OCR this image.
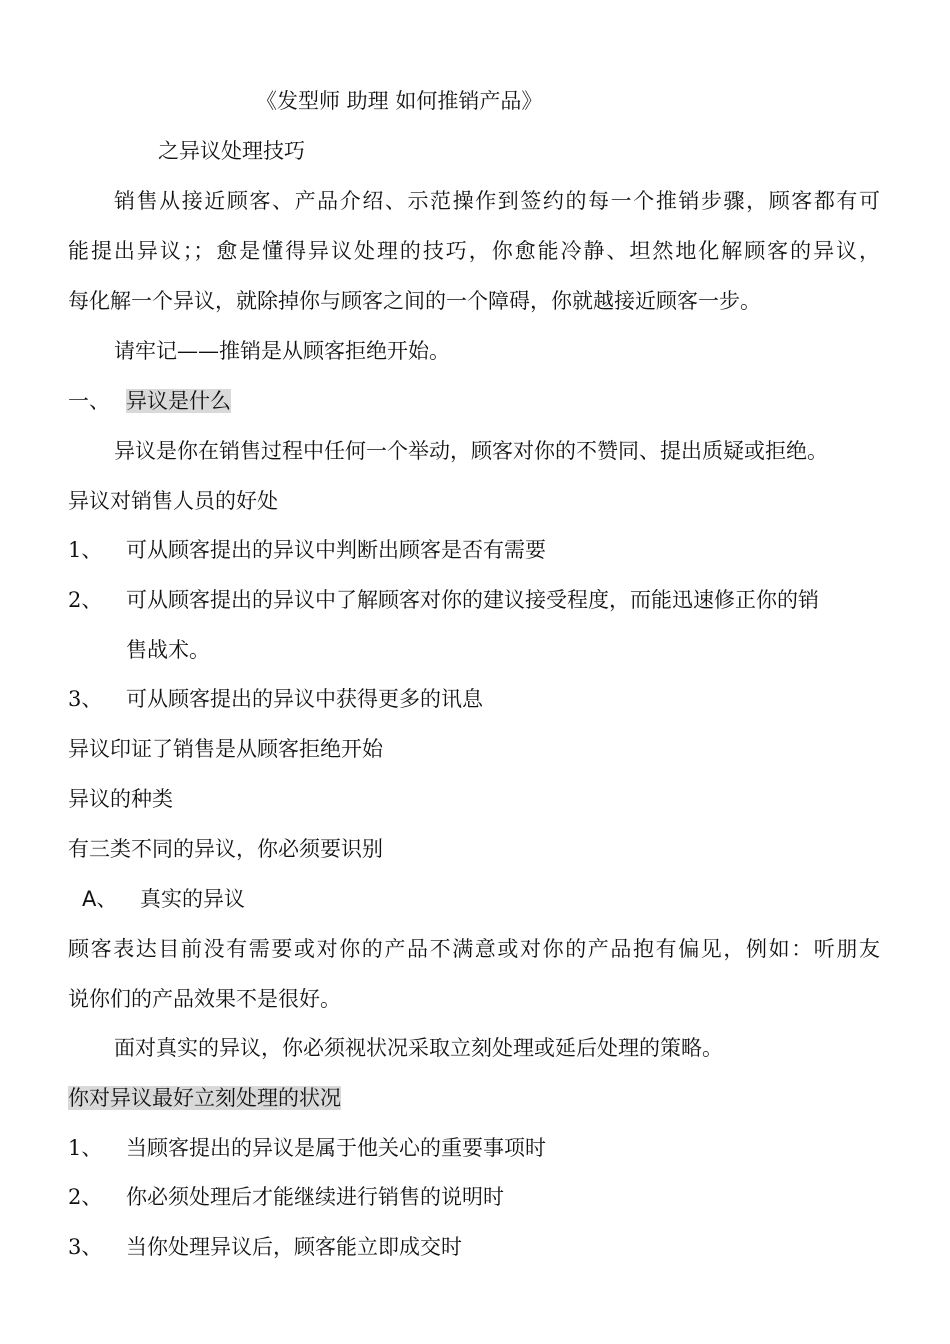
《发型师 助理 如何推销产品》
之异议处理技巧
销售从接近顾客、产品介绍、示范操作到签约的每一个推销步骤，顾客都有可
能提出异议；；愈是懂得异议处理的技巧，你愈能冷静、坦然地化解顾客的异议，
每化解一个异议，就除掉你与顾客之间的一个障碍，你就越接近顾客一步。
请牢记——推销是从顾客拒绝开始。
一、 异议是什么
异议是你在销售过程中任何一个举动，顾客对你的不赞同、提出质疑或拒绝。
异议对销售人员的好处
1、 可从顾客提出的异议中判断出顾客是否有需要
2、 可从顾客提出的异议中了解顾客对你的建议接受程度，而能迅速修正你的销
售战术。
3、 可从顾客提出的异议中获得更多的讯息
异议印证了销售是从顾客拒绝开始
异议的种类
有三类不同的异议，你必须要识别
A、 真实的异议
顾客表达目前没有需要或对你的产品不满意或对你的产品抱有偏见，例如：听朋友
说你们的产品效果不是很好。
面对真实的异议，你必须视状况采取立刻处理或延后处理的策略。
你对异议最好立刻处理的状况
1、 当顾客提出的异议是属于他关心的重要事项时
2、 你必须处理后才能继续进行销售的说明时
3、 当你处理异议后，顾客能立即成交时
